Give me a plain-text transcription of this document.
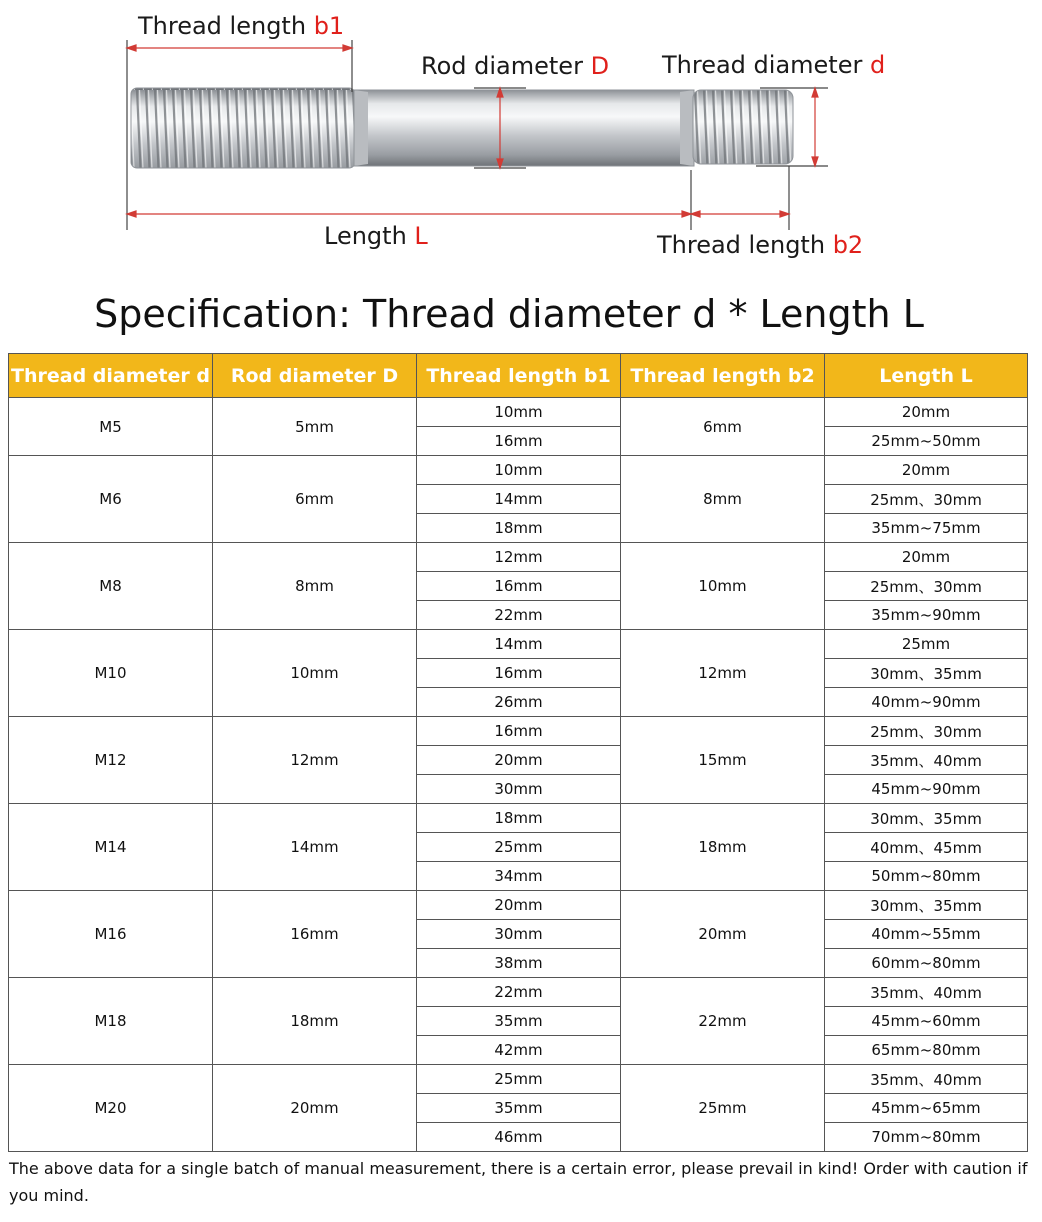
Thread length b1
Rod diameter D Thread diameter d
Length L	Thread length b2
Specification: Thread diameter d * Length L
Thread diameter d	Rod diameter D	Thread length b1	Thread length b2	Length L
M5	5mm	10mm	6mm	20mm
		16mm		25mm~50mm
M6	6mm	10mm	8mm	20mm
		14mm		25mm、30mm
		18mm		35mm~75mm
M8	8mm	12mm	10mm	20mm
		16mm		25mm、30mm
		22mm		35mm~90mm
M10	10mm	14mm	12mm	25mm
		16mm		30mm、35mm
		26mm		40mm~90mm
M12	12mm	16mm	15mm	25mm、30mm
		20mm		35mm、40mm
		30mm		45mm~90mm
M14	14mm	18mm	18mm	30mm、35mm
		25mm		40mm、45mm
		34mm		50mm~80mm
M16	16mm	20mm	20mm	30mm、35mm
		30mm		40mm~55mm
		38mm		60mm~80mm
M18	18mm	22mm	22mm	35mm、40mm
		35mm		45mm~60mm
		42mm		65mm~80mm
M20	20mm	25mm	25mm	35mm、40mm
		35mm		45mm~65mm
		46mm		70mm~80mm
The above data for a single batch of manual measurement, there is a certain error, please prevail in kind! Order with caution if you mind.
